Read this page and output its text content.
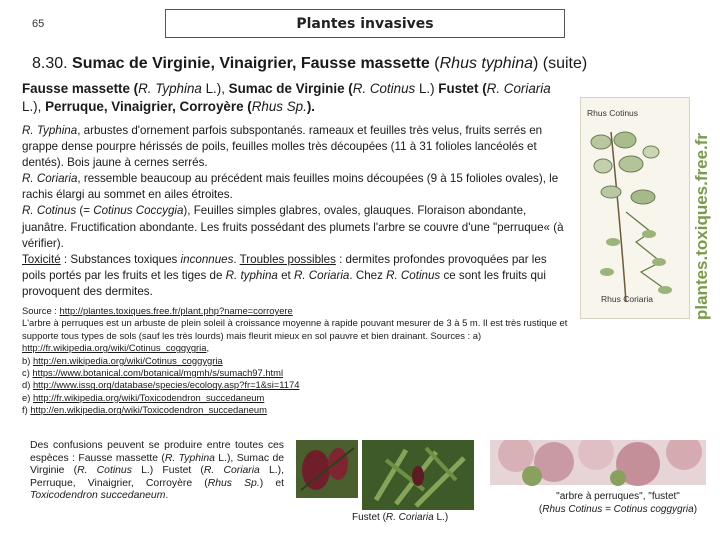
65	Plantes invasives
8.30. Sumac de Virginie, Vinaigrier, Fausse massette (Rhus typhina) (suite)
Fausse massette (R. Typhina L.), Sumac de Virginie (R. Cotinus L.) Fustet (R. Coriaria L.), Perruque, Vinaigrier, Corroyère (Rhus Sp.).
R. Typhina, arbustes d'ornement parfois subspontanés. rameaux et feuilles très velus, fruits serrés en grappe dense pourpre hérissés de poils, feuilles molles très découpées (11 à 31 folioles lancéolés et dentés). Bois jaune à cernes serrés.
R. Coriaria, ressemble beaucoup au précédent mais feuilles moins découpées (9 à 15 folioles ovales), le rachis élargi au sommet en ailes étroites.
R. Cotinus (= Cotinus Coccygia), Feuilles simples glabres, ovales, glauques. Floraison abondante, juanâtre. Fructification abondante. Les fruits possédant des plumets l'arbre se couvre d'une "perruque« (à vérifier).
Toxicité : Substances toxiques inconnues. Troubles possibles : dermites profondes provoquées par les poils portés par les fruits et les tiges de R. typhina et R. Coriaria. Chez R. Cotinus ce sont les fruits qui provoquent des dermites.
Source : http://plantes.toxiques.free.fr/plant.php?name=corroyere
L'arbre à perruques est un arbuste de plein soleil à croissance moyenne à rapide pouvant mesurer de 3 à 5 m. Il est très rustique et supporte tous types de sols (sauf les très lourds) mais fleurit mieux en sol pauvre et bien drainant. Sources : a) http://fr.wikipedia.org/wiki/Cotinus_coggygria,
b) http://en.wikipedia.org/wiki/Cotinus_coggygria
c) https://www.botanical.com/botanical/mgmh/s/sumach97.html
d) http://www.issg.org/database/species/ecology.asp?fr=1&si=1174
e) http://fr.wikipedia.org/wiki/Toxicodendron_succedaneum
f) http://en.wikipedia.org/wiki/Toxicodendron_succedaneum
Des confusions peuvent se produire entre toutes ces espèces : Fausse massette (R. Typhina L.), Sumac de Virginie (R. Cotinus L.) Fustet (R. Coriaria L.), Perruque, Vinaigrier, Corroyère (Rhus Sp.) et Toxicodendron succedaneum.
Rhus Cotinus
Rhus Coriaria plantes.toxiques.free.fr
Fustet (R. Coriaria L.)
"arbre à perruques", "fustet"
(Rhus Cotinus = Cotinus coggygria)
